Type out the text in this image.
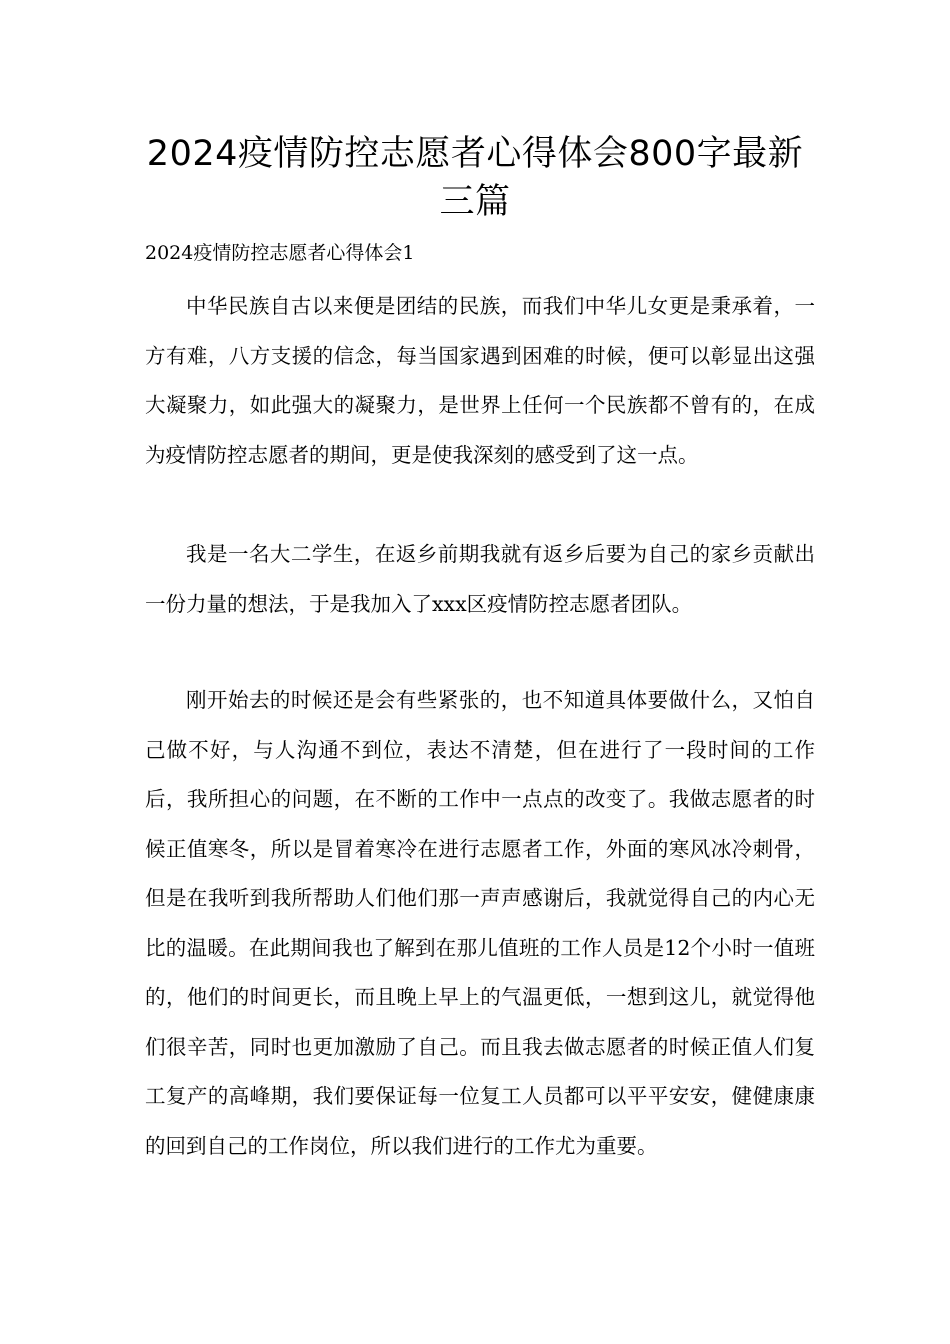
2024疫情防控志愿者心得体会800字最新三篇
2024疫情防控志愿者心得体会1

中华民族自古以来便是团结的民族，而我们中华儿女更是秉承着，一方有难，八方支援的信念，每当国家遇到困难的时候，便可以彰显出这强大凝聚力，如此强大的凝聚力，是世界上任何一个民族都不曾有的，在成为疫情防控志愿者的期间，更是使我深刻的感受到了这一点。

我是一名大二学生，在返乡前期我就有返乡后要为自己的家乡贡献出一份力量的想法，于是我加入了xxx区疫情防控志愿者团队。

刚开始去的时候还是会有些紧张的，也不知道具体要做什么，又怕自己做不好，与人沟通不到位，表达不清楚，但在进行了一段时间的工作后，我所担心的问题，在不断的工作中一点点的改变了。我做志愿者的时候正值寒冬，所以是冒着寒冷在进行志愿者工作，外面的寒风冰冷刺骨，但是在我听到我所帮助人们他们那一声声感谢后，我就觉得自己的内心无比的温暖。在此期间我也了解到在那儿值班的工作人员是12个小时一值班的，他们的时间更长，而且晚上早上的气温更低，一想到这儿，就觉得他们很辛苦，同时也更加激励了自己。而且我去做志愿者的时候正值人们复工复产的高峰期，我们要保证每一位复工人员都可以平平安安，健健康康的回到自己的工作岗位，所以我们进行的工作尤为重要。
